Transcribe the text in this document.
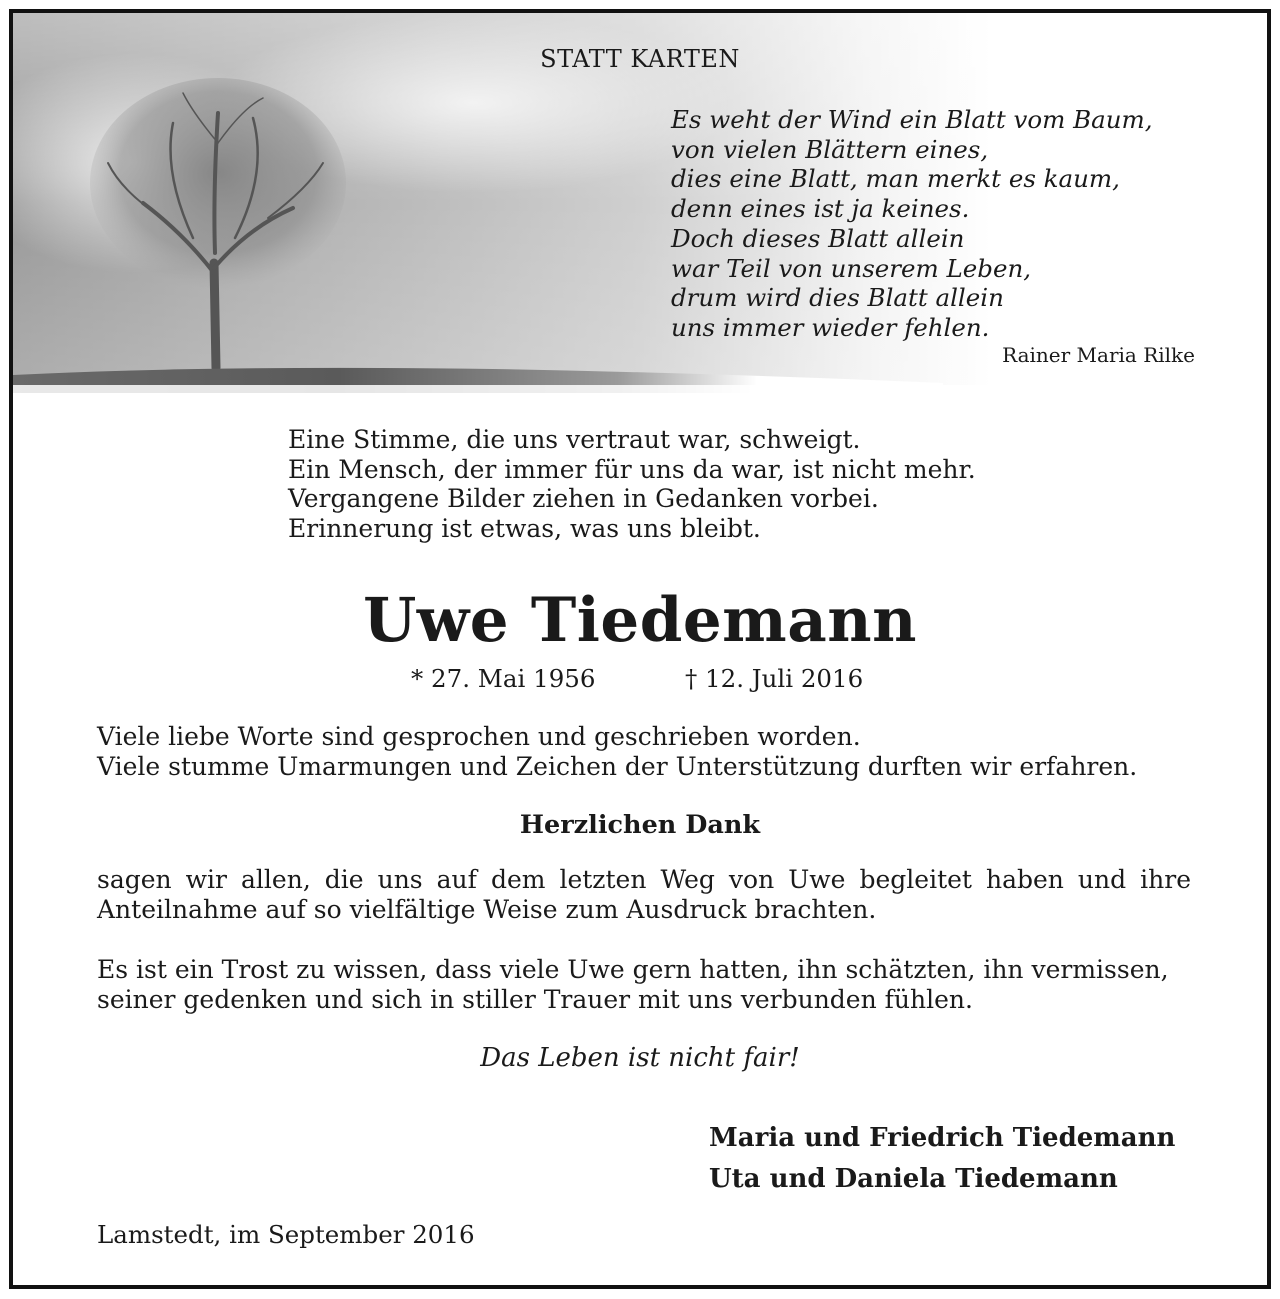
STATT KARTEN
Es weht der Wind ein Blatt vom Baum,
von vielen Blättern eines,
dies eine Blatt, man merkt es kaum,
denn eines ist ja keines.
Doch dieses Blatt allein
war Teil von unserem Leben,
drum wird dies Blatt allein
uns immer wieder fehlen.
Rainer Maria Rilke
Eine Stimme, die uns vertraut war, schweigt.
Ein Mensch, der immer für uns da war, ist nicht mehr.
Vergangene Bilder ziehen in Gedanken vorbei.
Erinnerung ist etwas, was uns bleibt.
Uwe Tiedemann
* 27. Mai 1956	† 12. Juli 2016
Viele liebe Worte sind gesprochen und geschrieben worden.
Viele stumme Umarmungen und Zeichen der Unterstützung durften wir erfahren.
Herzlichen Dank
sagen wir allen, die uns auf dem letzten Weg von Uwe begleitet haben und ihre Anteilnahme auf so vielfältige Weise zum Ausdruck brachten.
Es ist ein Trost zu wissen, dass viele Uwe gern hatten, ihn schätzten, ihn vermissen,
seiner gedenken und sich in stiller Trauer mit uns verbunden fühlen.
Das Leben ist nicht fair!
Maria und Friedrich Tiedemann
Uta und Daniela Tiedemann
Lamstedt, im September 2016
